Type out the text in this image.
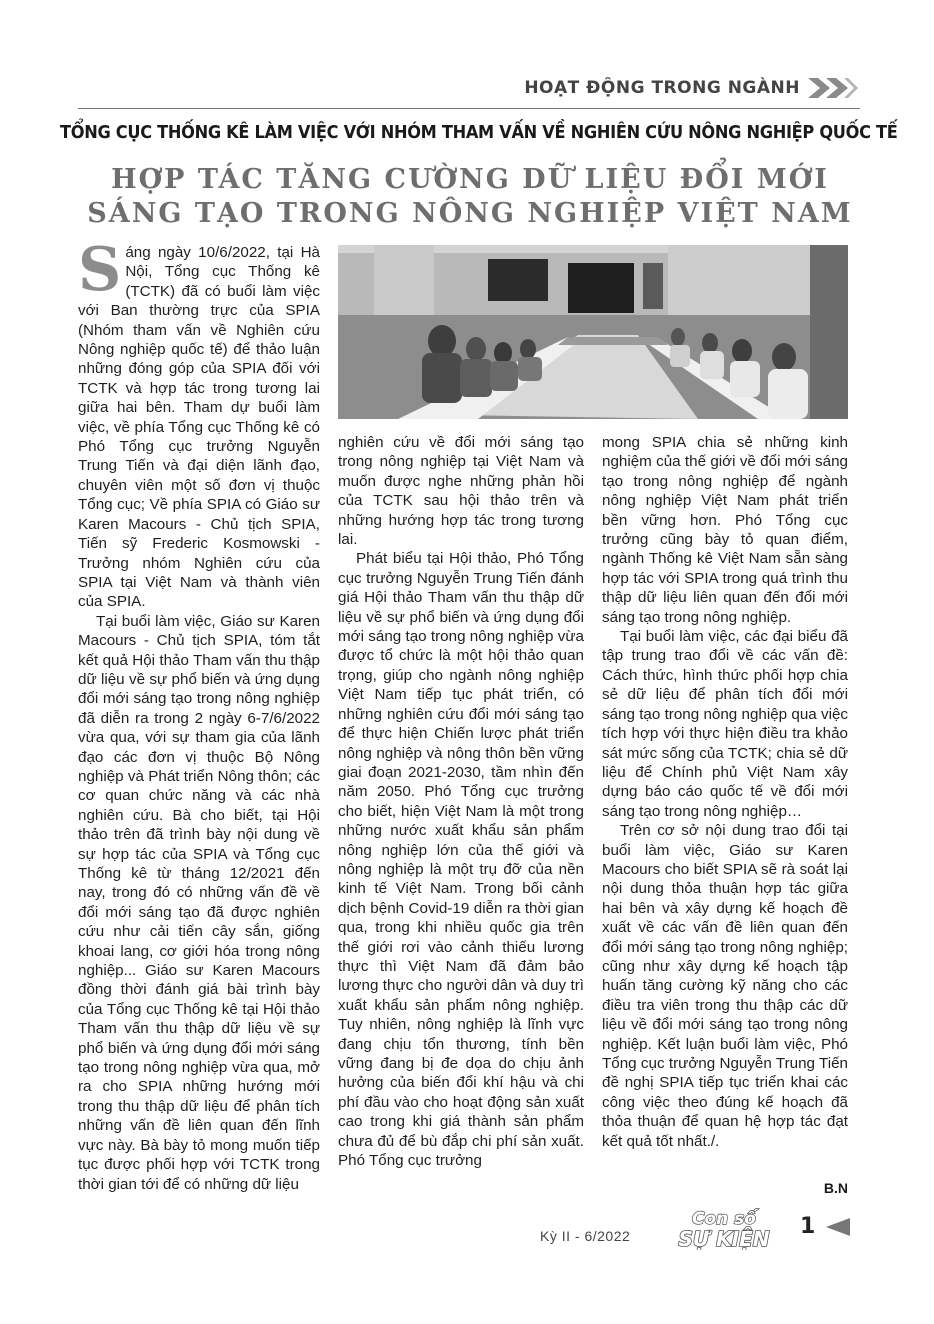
HOẠT ĐỘNG TRONG NGÀNH
TỔNG CỤC THỐNG KÊ LÀM VIỆC VỚI NHÓM THAM VẤN VỀ NGHIÊN CỨU NÔNG NGHIỆP QUỐC TẾ
HỢP TÁC TĂNG CƯỜNG DỮ LIỆU ĐỔI MỚI
SÁNG TẠO TRONG NÔNG NGHIỆP VIỆT NAM

Sáng ngày 10/6/2022, tại Hà Nội, Tổng cục Thống kê (TCTK) đã có buổi làm việc với Ban thường trực của SPIA (Nhóm tham vấn về Nghiên cứu Nông nghiệp quốc tế) để thảo luận những đóng góp của SPIA đối với TCTK và hợp tác trong tương lai giữa hai bên. Tham dự buổi làm việc, về phía Tổng cục Thống kê có Phó Tổng cục trưởng Nguyễn Trung Tiến và đại diện lãnh đạo, chuyên viên một số đơn vị thuộc Tổng cục; Về phía SPIA có Giáo sư Karen Macours - Chủ tịch SPIA, Tiến sỹ Frederic Kosmowski - Trưởng nhóm Nghiên cứu của SPIA tại Việt Nam và thành viên của SPIA.

Tại buổi làm việc, Giáo sư Karen Macours - Chủ tịch SPIA, tóm tắt kết quả Hội thảo Tham vấn thu thập dữ liệu về sự phổ biến và ứng dụng đổi mới sáng tạo trong nông nghiệp đã diễn ra trong 2 ngày 6-7/6/2022 vừa qua, với sự tham gia của lãnh đạo các đơn vị thuộc Bộ Nông nghiệp và Phát triển Nông thôn; các cơ quan chức năng và các nhà nghiên cứu. Bà cho biết, tại Hội thảo trên đã trình bày nội dung về sự hợp tác của SPIA và Tổng cục Thống kê từ tháng 12/2021 đến nay, trong đó có những vấn đề về đổi mới sáng tạo đã được nghiên cứu như cải tiến cây sắn, giống khoai lang, cơ giới hóa trong nông nghiệp... Giáo sư Karen Macours đồng thời đánh giá bài trình bày của Tổng cục Thống kê tại Hội thảo Tham vấn thu thập dữ liệu về sự phổ biến và ứng dụng đổi mới sáng tạo trong nông nghiệp vừa qua, mở ra cho SPIA những hướng mới trong thu thập dữ liệu để phân tích những vấn đề liên quan đến lĩnh vực này. Bà bày tỏ mong muốn tiếp tục được phối hợp với TCTK trong thời gian tới để có những dữ liệu

nghiên cứu về đổi mới sáng tạo trong nông nghiệp tại Việt Nam và muốn được nghe những phản hồi của TCTK sau hội thảo trên và những hướng hợp tác trong tương lai.

Phát biểu tại Hội thảo, Phó Tổng cục trưởng Nguyễn Trung Tiến đánh giá Hội thảo Tham vấn thu thập dữ liệu về sự phổ biến và ứng dụng đổi mới sáng tạo trong nông nghiệp vừa được tổ chức là một hội thảo quan trọng, giúp cho ngành nông nghiệp Việt Nam tiếp tục phát triển, có những nghiên cứu đổi mới sáng tạo để thực hiện Chiến lược phát triển nông nghiệp và nông thôn bền vững giai đoạn 2021-2030, tầm nhìn đến năm 2050. Phó Tổng cục trưởng cho biết, hiện Việt Nam là một trong những nước xuất khẩu sản phẩm nông nghiệp lớn của thế giới và nông nghiệp là một trụ đỡ của nền kinh tế Việt Nam. Trong bối cảnh dịch bệnh Covid-19 diễn ra thời gian qua, trong khi nhiều quốc gia trên thế giới rơi vào cảnh thiếu lương thực thì Việt Nam đã đảm bảo lương thực cho người dân và duy trì xuất khẩu sản phẩm nông nghiệp. Tuy nhiên, nông nghiệp là lĩnh vực đang chịu tổn thương, tính bền vững đang bị đe dọa do chịu ảnh hưởng của biến đổi khí hậu và chi phí đầu vào cho hoạt động sản xuất cao trong khi giá thành sản phẩm chưa đủ để bù đắp chi phí sản xuất. Phó Tổng cục trưởng

mong SPIA chia sẻ những kinh nghiệm của thế giới về đổi mới sáng tạo trong nông nghiệp để ngành nông nghiệp Việt Nam phát triển bền vững hơn. Phó Tổng cục trưởng cũng bày tỏ quan điểm, ngành Thống kê Việt Nam sẵn sàng hợp tác với SPIA trong quá trình thu thập dữ liệu liên quan đến đổi mới sáng tạo trong nông nghiệp.

Tại buổi làm việc, các đại biểu đã tập trung trao đổi về các vấn đề: Cách thức, hình thức phối hợp chia sẻ dữ liệu để phân tích đổi mới sáng tạo trong nông nghiệp qua việc tích hợp với thực hiện điều tra khảo sát mức sống của TCTK; chia sẻ dữ liệu để Chính phủ Việt Nam xây dựng báo cáo quốc tế về đổi mới sáng tạo trong nông nghiệp…

Trên cơ sở nội dung trao đổi tại buổi làm việc, Giáo sư Karen Macours cho biết SPIA sẽ rà soát lại nội dung thỏa thuận hợp tác giữa hai bên và xây dựng kế hoạch đề xuất về các vấn đề liên quan đến đổi mới sáng tạo trong nông nghiệp; cũng như xây dựng kế hoạch tập huấn tăng cường kỹ năng cho các điều tra viên trong thu thập các dữ liệu về đổi mới sáng tạo trong nông nghiệp. Kết luận buổi làm việc, Phó Tổng cục trưởng Nguyễn Trung Tiến đề nghị SPIA tiếp tục triển khai các công việc theo đúng kế hoạch đã thỏa thuận để quan hệ hợp tác đạt kết quả tốt nhất./.

B.N
Kỳ II - 6/2022
Con số
SỰ KIỆN 1
